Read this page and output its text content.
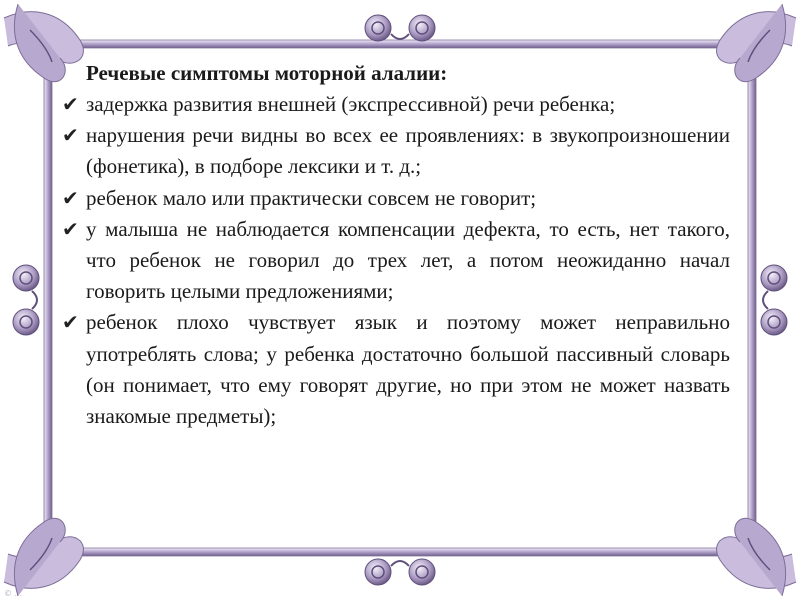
Речевые симптомы моторной алалии:
✔ задержка развития внешней (экспрессивной) речи ребенка;
✔ нарушения речи видны во всех ее проявлениях: в звукопроизношении (фонетика), в подборе лексики и т. д.;
✔ ребенок мало или практически совсем не говорит;
✔ у малыша не наблюдается компенсации дефекта, то есть, нет такого, что ребенок не говорил до трех лет, а потом неожиданно начал говорить целыми предложениями;
✔ ребенок плохо чувствует язык и поэтому может неправильно употреблять слова; у ребенка достаточно большой пассивный словарь (он понимает, что ему говорят другие, но при этом не может назвать знакомые предметы);
© ...
